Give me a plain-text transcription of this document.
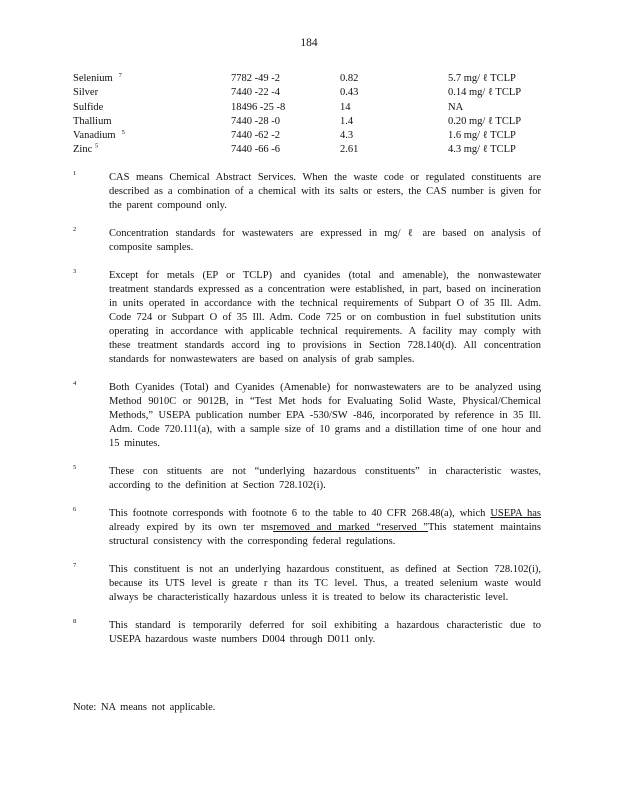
184
Selenium $^7$	7782 -49 -2	0.82	5.7 mg/ ℓ TCLP
Silver	7440 -22 -4	0.43	0.14 mg/ ℓ TCLP
Sulfide	18496 -25 -8	14	NA
Thallium	7440 -28 -0	1.4	0.20 mg/ ℓ TCLP
Vanadium $^5$	7440 -62 -2	4.3	1.6 mg/ ℓ TCLP
Zinc $^5$	7440 -66 -6	2.61	4.3 mg/ ℓ TCLP
1	CAS means Chemical Abstract Services. When the waste code or regulated constituents are described as a combination of a chemical with its salts or esters, the CAS number is given for the parent compound only.
2	Concentration standards for wastewaters are expressed in mg/ ℓ are based on analysis of composite samples.
3	Except for metals (EP or TCLP) and cyanides (total and amenable), the nonwastewater treatment standards expressed as a concentration were established, in part, based on incineration in units operated in accordance with the technical requirements of Subpart O of 35 Ill. Adm. Code 724 or Subpart O of 35 Ill. Adm. Code 725 or on combustion in fuel substitution units operating in accordance with applicable technical requirements. A facility may comply with these treatment standards accord ing to provisions in Section 728.140(d). All concentration standards for nonwastewaters are based on analysis of grab samples.
4	Both Cyanides (Total) and Cyanides (Amenable) for nonwastewaters are to be analyzed using Method 9010C or 9012B, in “Test Met hods for Evaluating Solid Waste, Physical/Chemical Methods,” USEPA publication number EPA -530/SW -846, incorporated by reference in 35 Ill. Adm. Code 720.111(a), with a sample size of 10 grams and a distillation time of one hour and 15 minutes.
5	These con stituents are not “underlying hazardous constituents” in characteristic wastes, according to the definition at Section 728.102(i).
6	This footnote corresponds with footnote 6 to the table to 40 CFR 268.48(a), which USEPA has already expired by its own ter msremoved and marked “reserved ”This statement maintains structural consistency with the corresponding federal regulations.
7	This constituent is not an underlying hazardous constituent, as defined at Section 728.102(i), because its UTS level is greate r than its TC level. Thus, a treated selenium waste would always be characteristically hazardous unless it is treated to below its characteristic level.
8	This standard is temporarily deferred for soil exhibiting a hazardous characteristic due to USEPA hazardous waste numbers D004 through D011 only.
Note: NA means not applicable.
